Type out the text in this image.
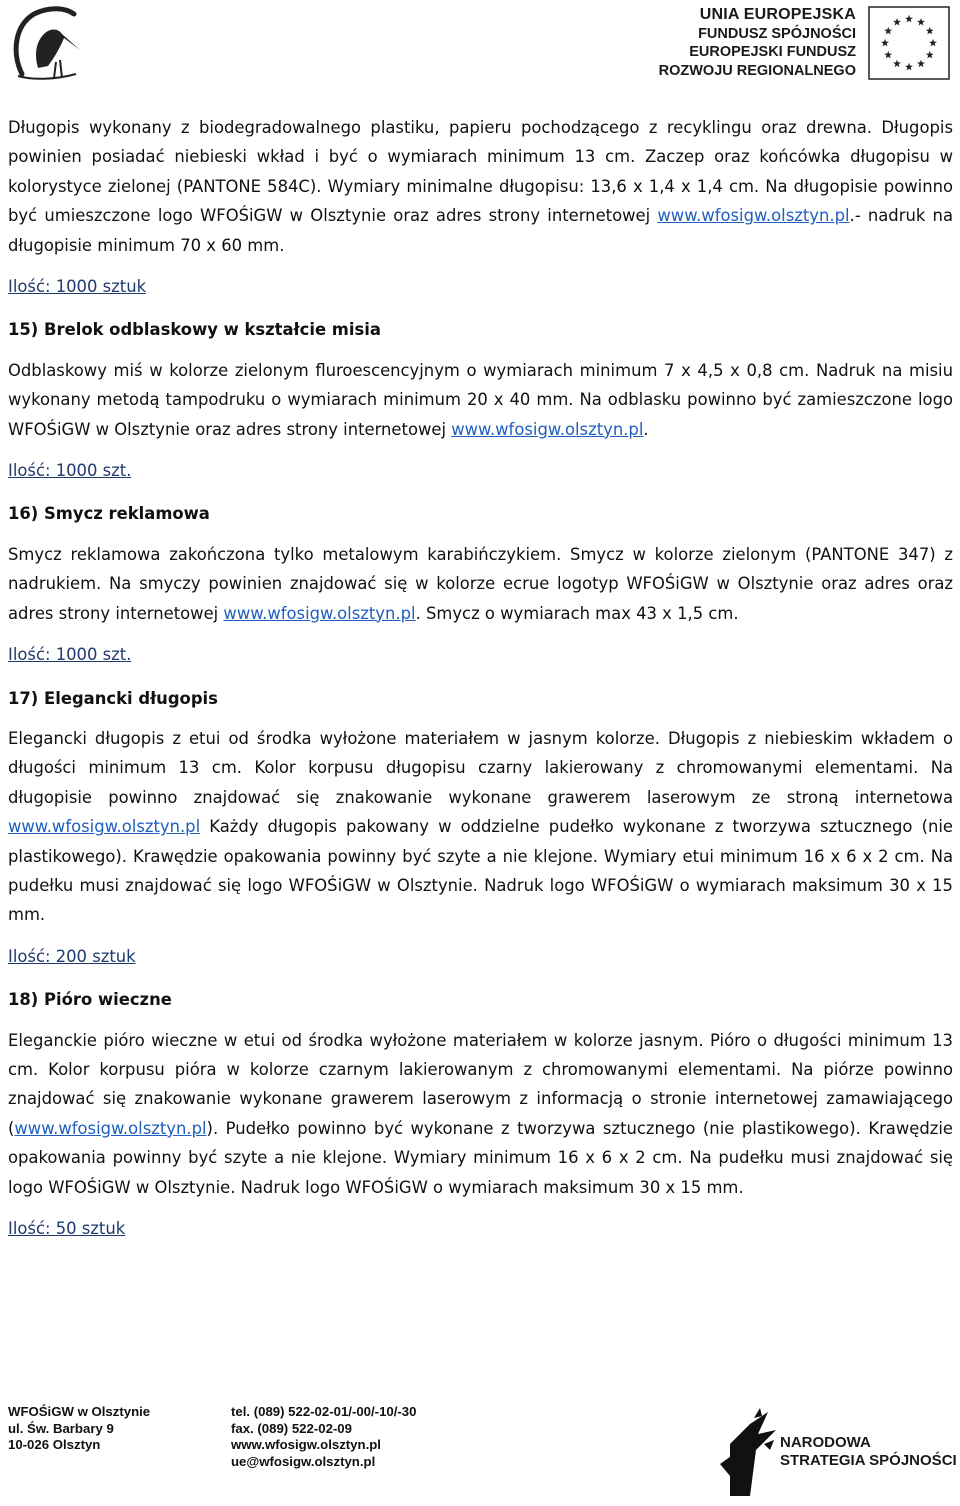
UNIA EUROPEJSKA
FUNDUSZ SPÓJNOŚCI
EUROPEJSKI FUNDUSZ
ROZWOJU REGIONALNEGO

Długopis wykonany z biodegradowalnego plastiku, papieru pochodzącego z recyklingu oraz drewna. Długopis powinien posiadać niebieski wkład i być o wymiarach minimum 13 cm. Zaczep oraz końcówka długopisu w kolorystyce zielonej (PANTONE 584C). Wymiary minimalne długopisu: 13,6 x 1,4 x 1,4 cm. Na długopisie powinno być umieszczone logo WFOŚiGW w Olsztynie oraz adres strony internetowej www.wfosigw.olsztyn.pl.- nadruk na długopisie minimum 70 x 60 mm.

Ilość: 1000 sztuk

15) Brelok odblaskowy w kształcie misia

Odblaskowy miś w kolorze zielonym fluroescencyjnym o wymiarach minimum 7 x 4,5 x 0,8 cm. Nadruk na misiu wykonany metodą tampodruku o wymiarach minimum 20 x 40 mm. Na odblasku powinno być zamieszczone logo WFOŚiGW w Olsztynie oraz adres strony internetowej www.wfosigw.olsztyn.pl.

Ilość: 1000 szt.

16) Smycz reklamowa

Smycz reklamowa zakończona tylko metalowym karabińczykiem. Smycz w kolorze zielonym (PANTONE 347) z nadrukiem. Na smyczy powinien znajdować się w kolorze ecrue logotyp WFOŚiGW w Olsztynie oraz adres oraz adres strony internetowej www.wfosigw.olsztyn.pl. Smycz o wymiarach max 43 x 1,5 cm.

Ilość: 1000 szt.

17) Elegancki długopis

Elegancki długopis z etui od środka wyłożone materiałem w jasnym kolorze. Długopis z niebieskim wkładem o długości minimum 13 cm. Kolor korpusu długopisu czarny lakierowany z chromowanymi elementami. Na długopisie powinno znajdować się znakowanie wykonane grawerem laserowym ze stroną internetowa www.wfosigw.olsztyn.pl Każdy długopis pakowany w oddzielne pudełko wykonane z tworzywa sztucznego (nie plastikowego). Krawędzie opakowania powinny być szyte a nie klejone. Wymiary etui minimum 16 x 6 x 2 cm. Na pudełku musi znajdować się logo WFOŚiGW w Olsztynie. Nadruk logo WFOŚiGW o wymiarach maksimum 30 x 15 mm.

Ilość: 200 sztuk

18) Pióro wieczne

Eleganckie pióro wieczne w etui od środka wyłożone materiałem w kolorze jasnym. Pióro o długości minimum 13 cm. Kolor korpusu pióra w kolorze czarnym lakierowanym z chromowanymi elementami. Na piórze powinno znajdować się znakowanie wykonane grawerem laserowym z informacją o stronie internetowej zamawiającego (www.wfosigw.olsztyn.pl). Pudełko powinno być wykonane z tworzywa sztucznego (nie plastikowego). Krawędzie opakowania powinny być szyte a nie klejone. Wymiary minimum 16 x 6 x 2 cm. Na pudełku musi znajdować się logo WFOŚiGW w Olsztynie. Nadruk logo WFOŚiGW o wymiarach maksimum 30 x 15 mm.

Ilość: 50 sztuk

WFOŚiGW w Olsztynie
ul. Św. Barbary 9
10-026 Olsztyn
tel. (089) 522-02-01/-00/-10/-30
fax. (089) 522-02-09
www.wfosigw.olsztyn.pl
ue@wfosigw.olsztyn.pl
NARODOWA
STRATEGIA SPÓJNOŚCI
